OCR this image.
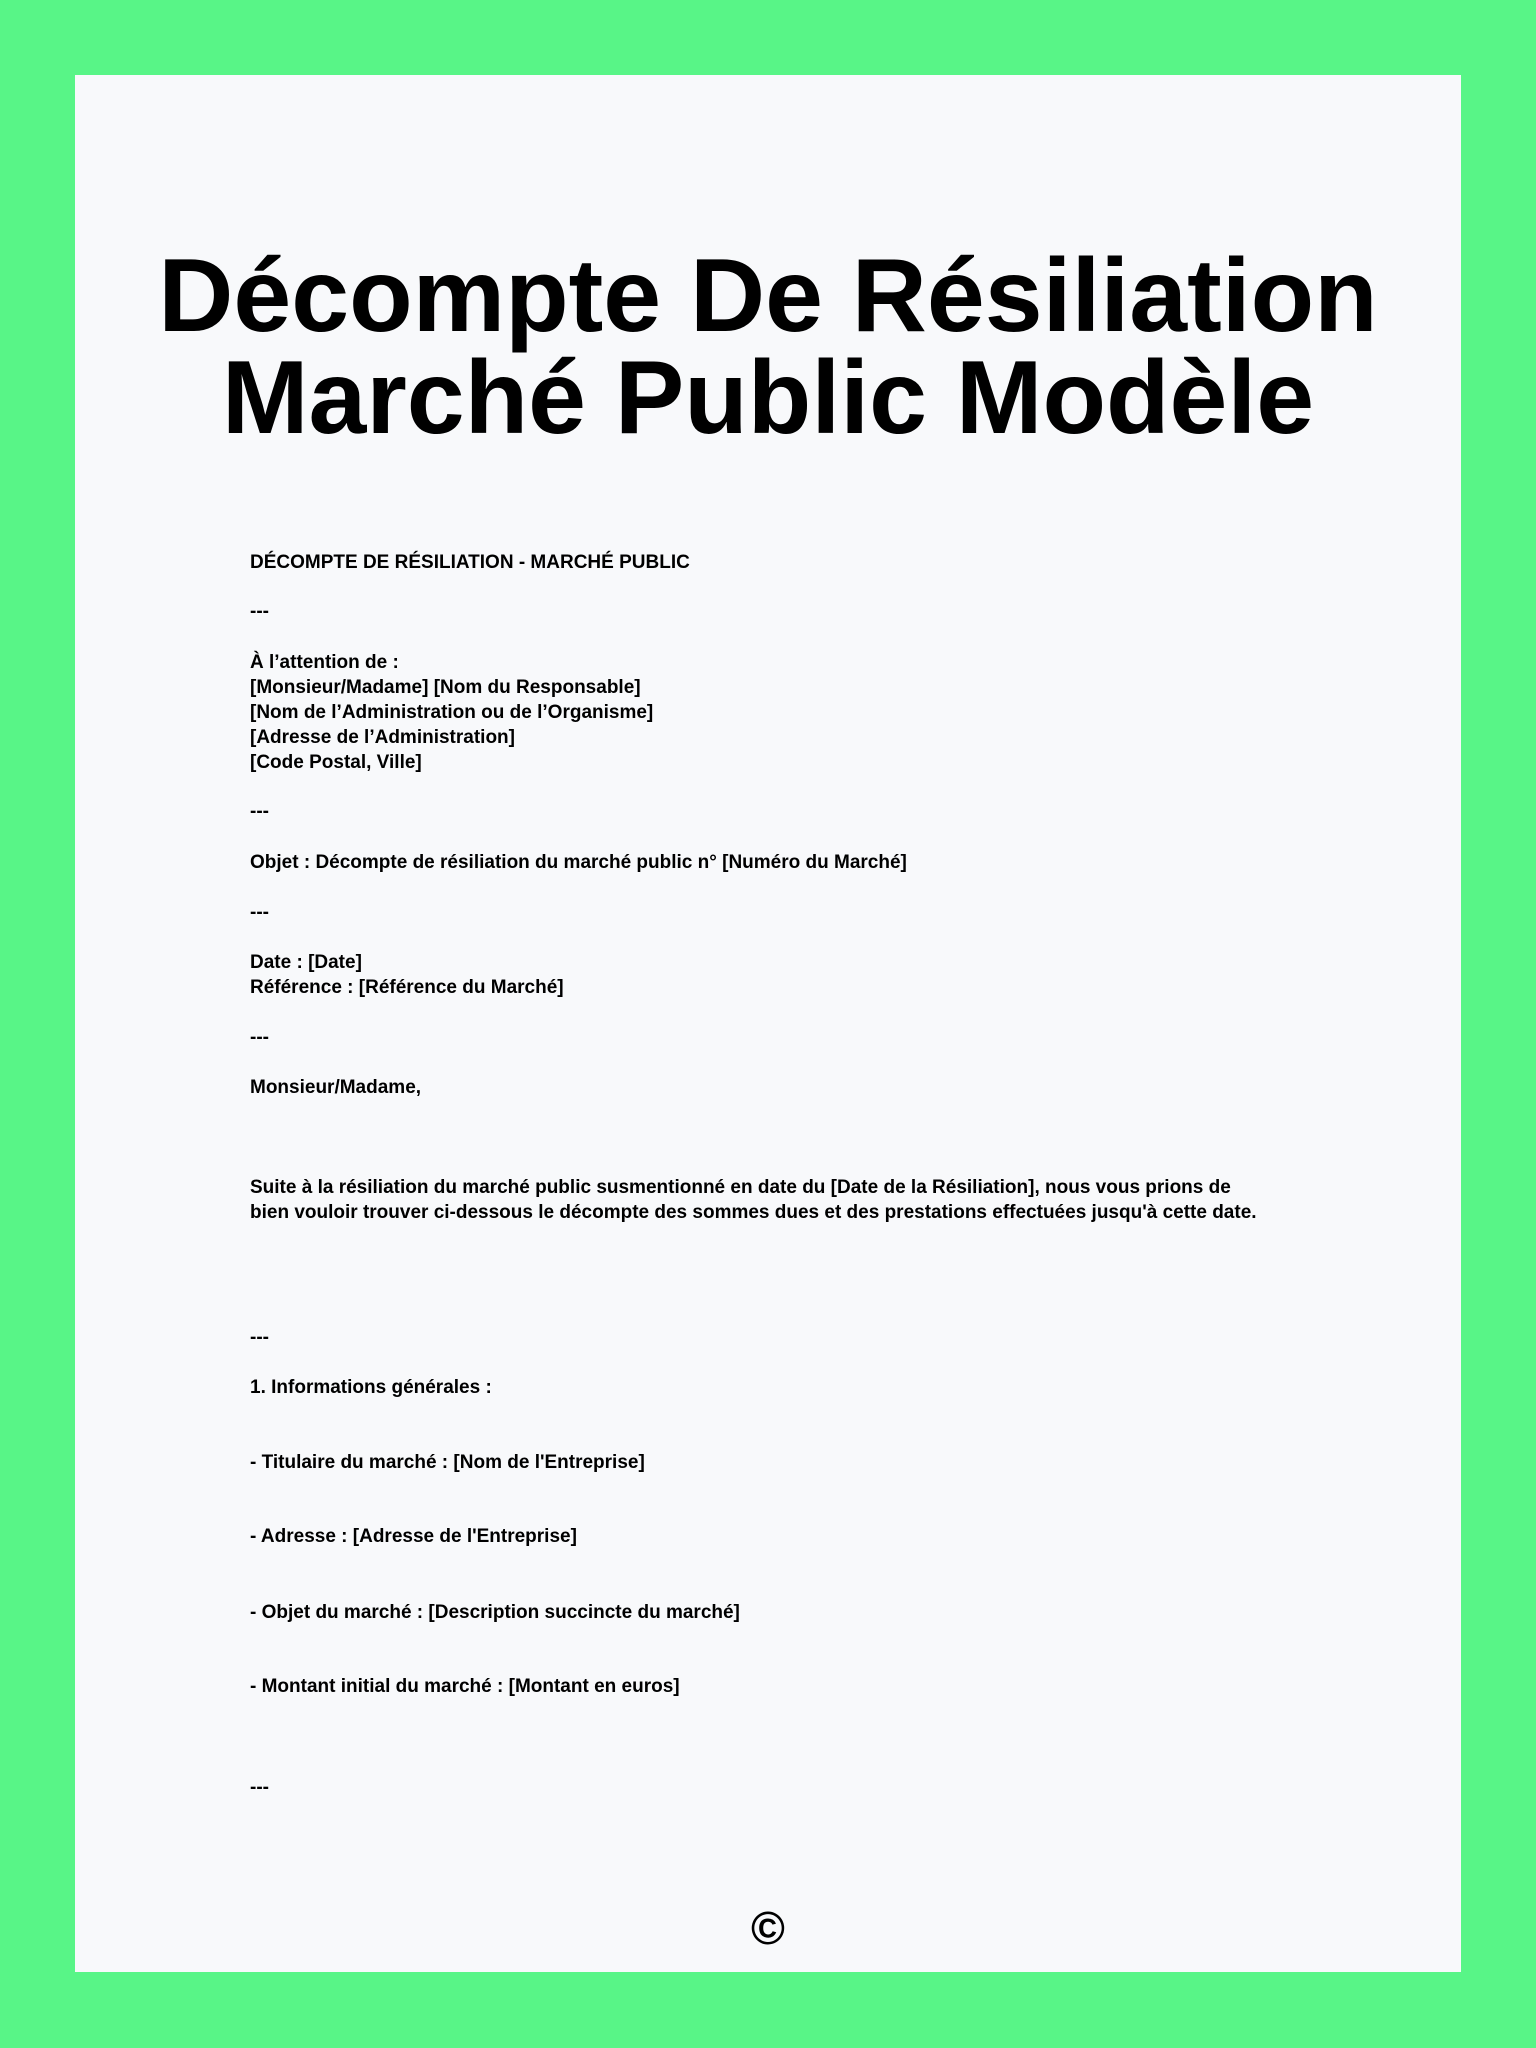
Décompte De Résiliation
Marché Public Modèle

DÉCOMPTE DE RÉSILIATION - MARCHÉ PUBLIC

---

À l’attention de :

[Monsieur/Madame] [Nom du Responsable]

[Nom de l’Administration ou de l’Organisme]

[Adresse de l’Administration]

[Code Postal, Ville]

---

Objet : Décompte de résiliation du marché public n° [Numéro du Marché]

---

Date : [Date]

Référence : [Référence du Marché]

---

Monsieur/Madame,

Suite à la résiliation du marché public susmentionné en date du [Date de la Résiliation], nous vous prions de bien vouloir trouver ci-dessous le décompte des sommes dues et des prestations effectuées jusqu'à cette date.

---

1. Informations générales :

- Titulaire du marché : [Nom de l'Entreprise]

- Adresse : [Adresse de l'Entreprise]

- Objet du marché : [Description succincte du marché]

- Montant initial du marché : [Montant en euros]

---

©
